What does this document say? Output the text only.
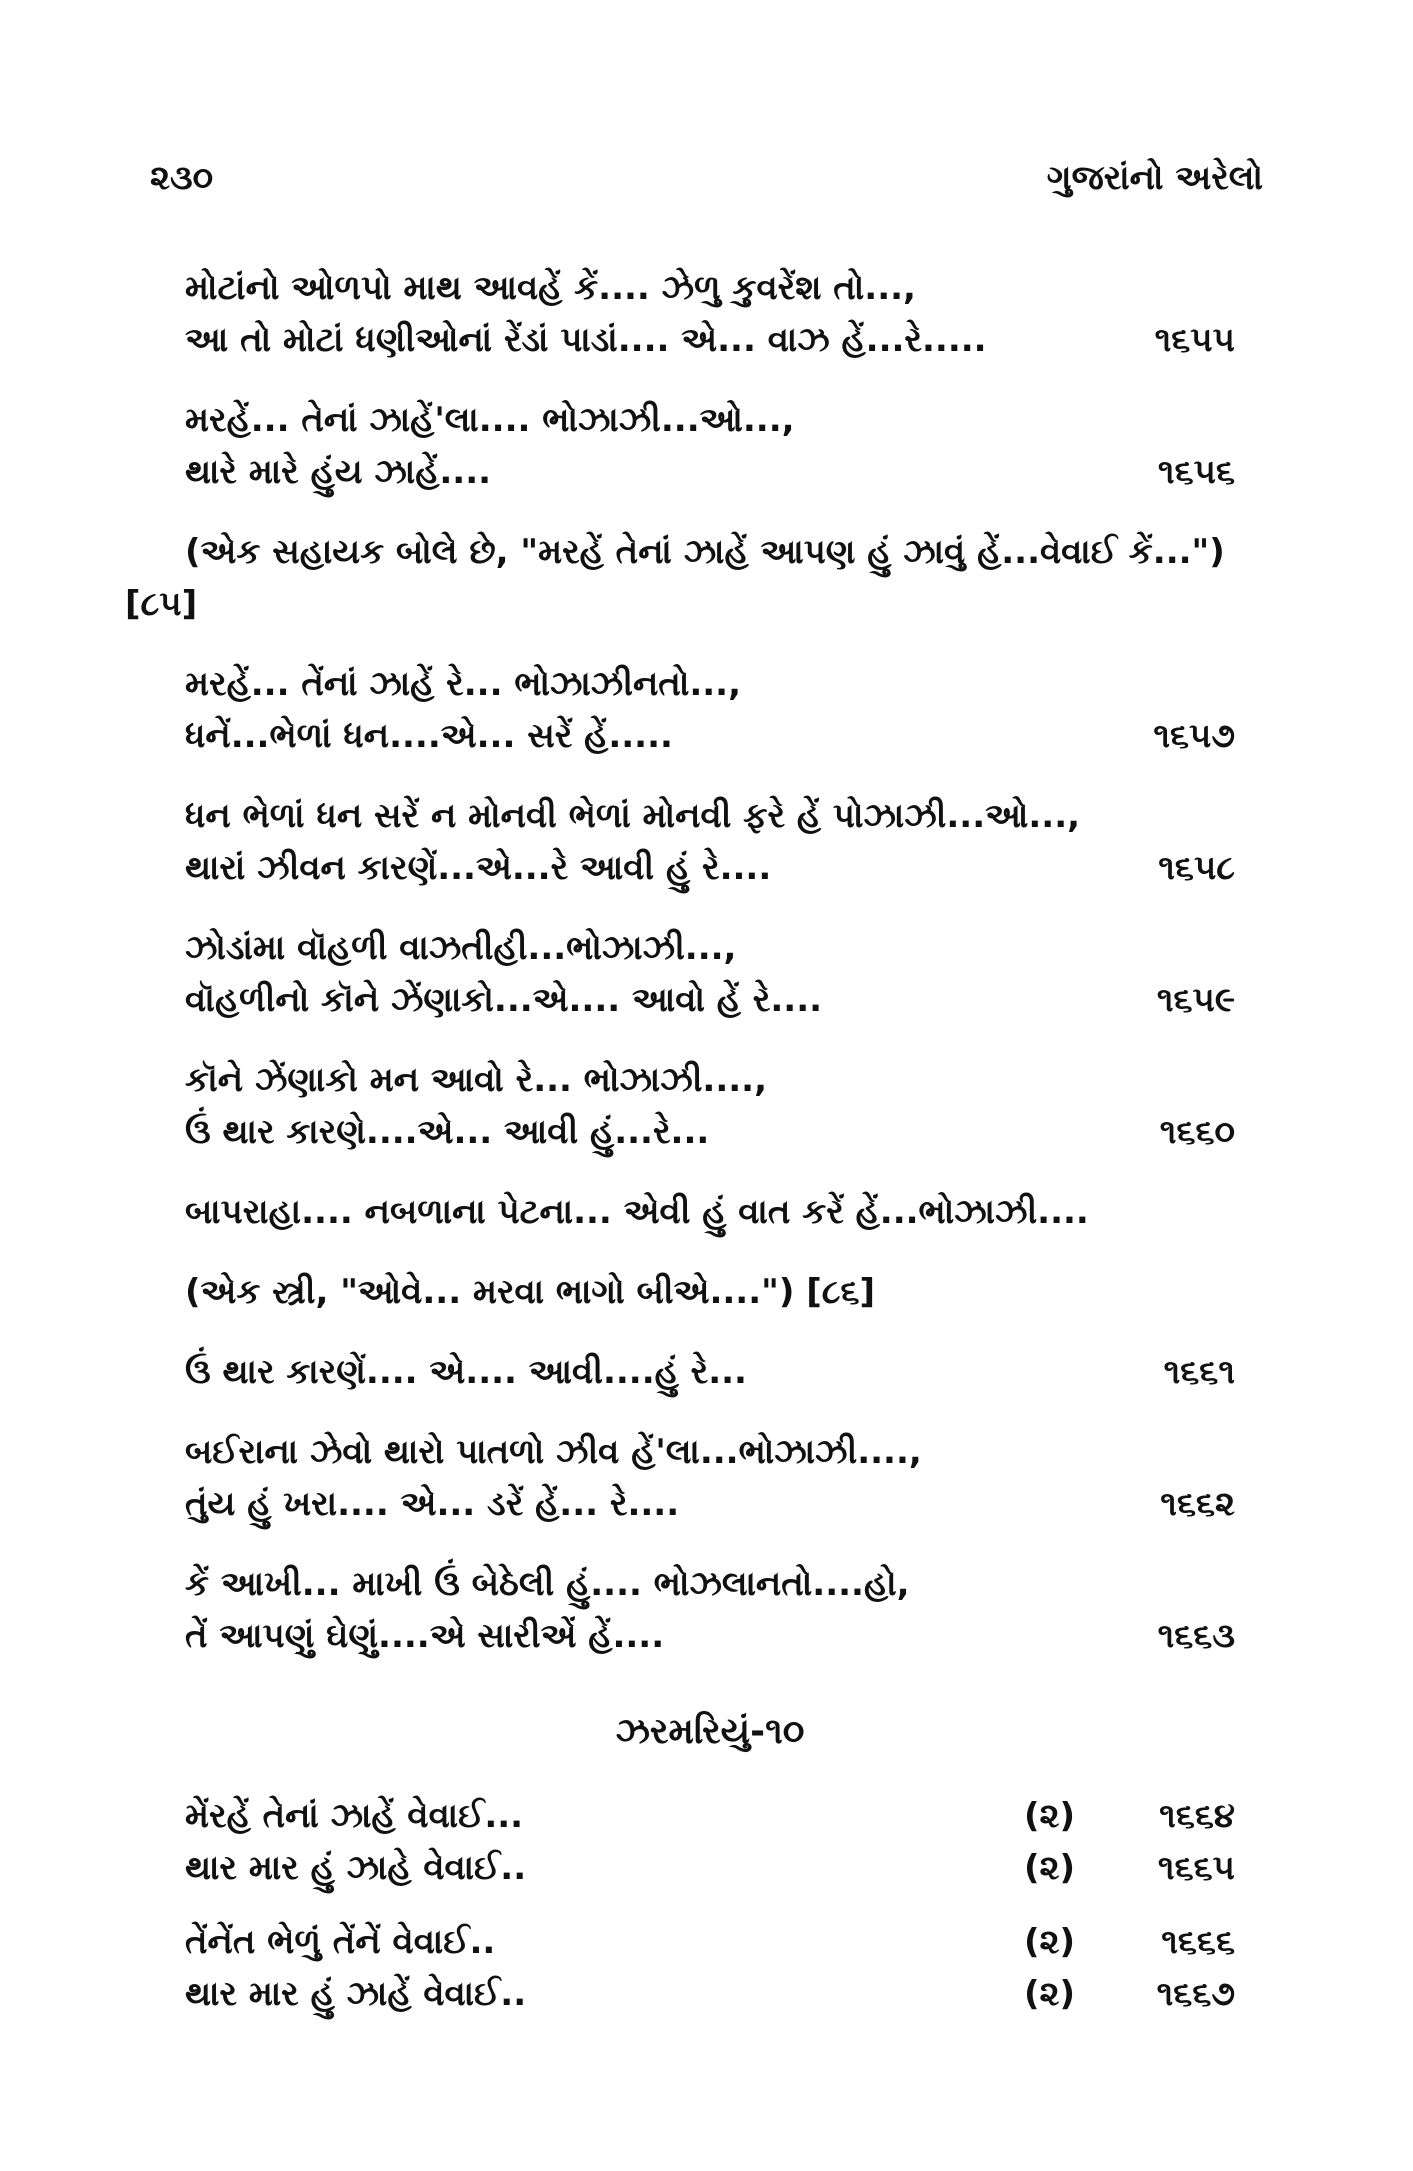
૨૩૦	ગુજરાંનો અરેલો
મોટાંનો ઓળપો માથ આવહેં કેં.... ઝેળુ કુવરેંશ તો...,
આ તો મોટાં ધણીઓનાં રેંડાં પાડાં.... એ... વાઝ હેં...રે.....	૧૬૫૫
મરહેં... તેનાં ઝાહેં'લા.... ભોઝાઝી...ઓ...,
થારે મારે હુંય ઝાહેં....	૧૬૫૬
(એક સહાયક બોલે છે, "મરહેં તેનાં ઝાહેં આપણ હું ઝાવું હેં...વેવાઈ કેં...") [૮૫]
મરહેં... તેંનાં ઝાહેં રે... ભોઝાઝીનતો...,
ધનેં...ભેળાં ધન....એ... સરેં હેં.....	૧૬૫૭
ધન ભેળાં ધન સરેં ન મોનવી ભેળાં મોનવી ફરે હેં પોઝાઝી...ઓ...,
થારાં ઝીવન કારણેં...એ...રે આવી હું રે....	૧૬૫૮
ઝોડાંમા વૉહળી વાઝતીહી...ભોઝાઝી...,
વૉહળીનો કૉને ઝેંણાકો...એ.... આવો હેં રે....	૧૬૫૯
કૉને ઝેંણાકો મન આવો રે... ભોઝાઝી....,
ઉં થાર કારણે....એ... આવી હું...રે...	૧૬૬૦
બાપરાહા.... નબળાના પેટના... એવી હું વાત કરેં હેં...ભોઝાઝી....
(એક સ્ત્રી, "ઓવે... મરવા ભાગો બીએ....") [૮૬]
ઉં થાર કારણેં.... એ.... આવી....હું રે...	૧૬૬૧
બઈરાના ઝેવો થારો પાતળો ઝીવ હેં'લા...ભોઝાઝી....,
તુંય હું ખરા.... એ... ડરેં હેં... રે....	૧૬૬૨
કેં આખી... માખી ઉં બેઠેલી હું.... ભોઝલાનતો....હો,
તેં આપણું ઘેણું....એ સારીએં હેં....	૧૬૬૩
ઝરમરિયું-૧૦
મેંરહેં તેનાં ઝાહેં વેવાઈ...	(૨) ૧૬૬૪
થાર માર હું ઝાહે વેવાઈ..	(૨) ૧૬૬૫
તેંનેંત ભેળું તેંનેં વેવાઈ..	(૨)	૧૬૬૬
થાર માર હું ઝાહેં વેવાઈ..	(૨) ૧૬૬૭
